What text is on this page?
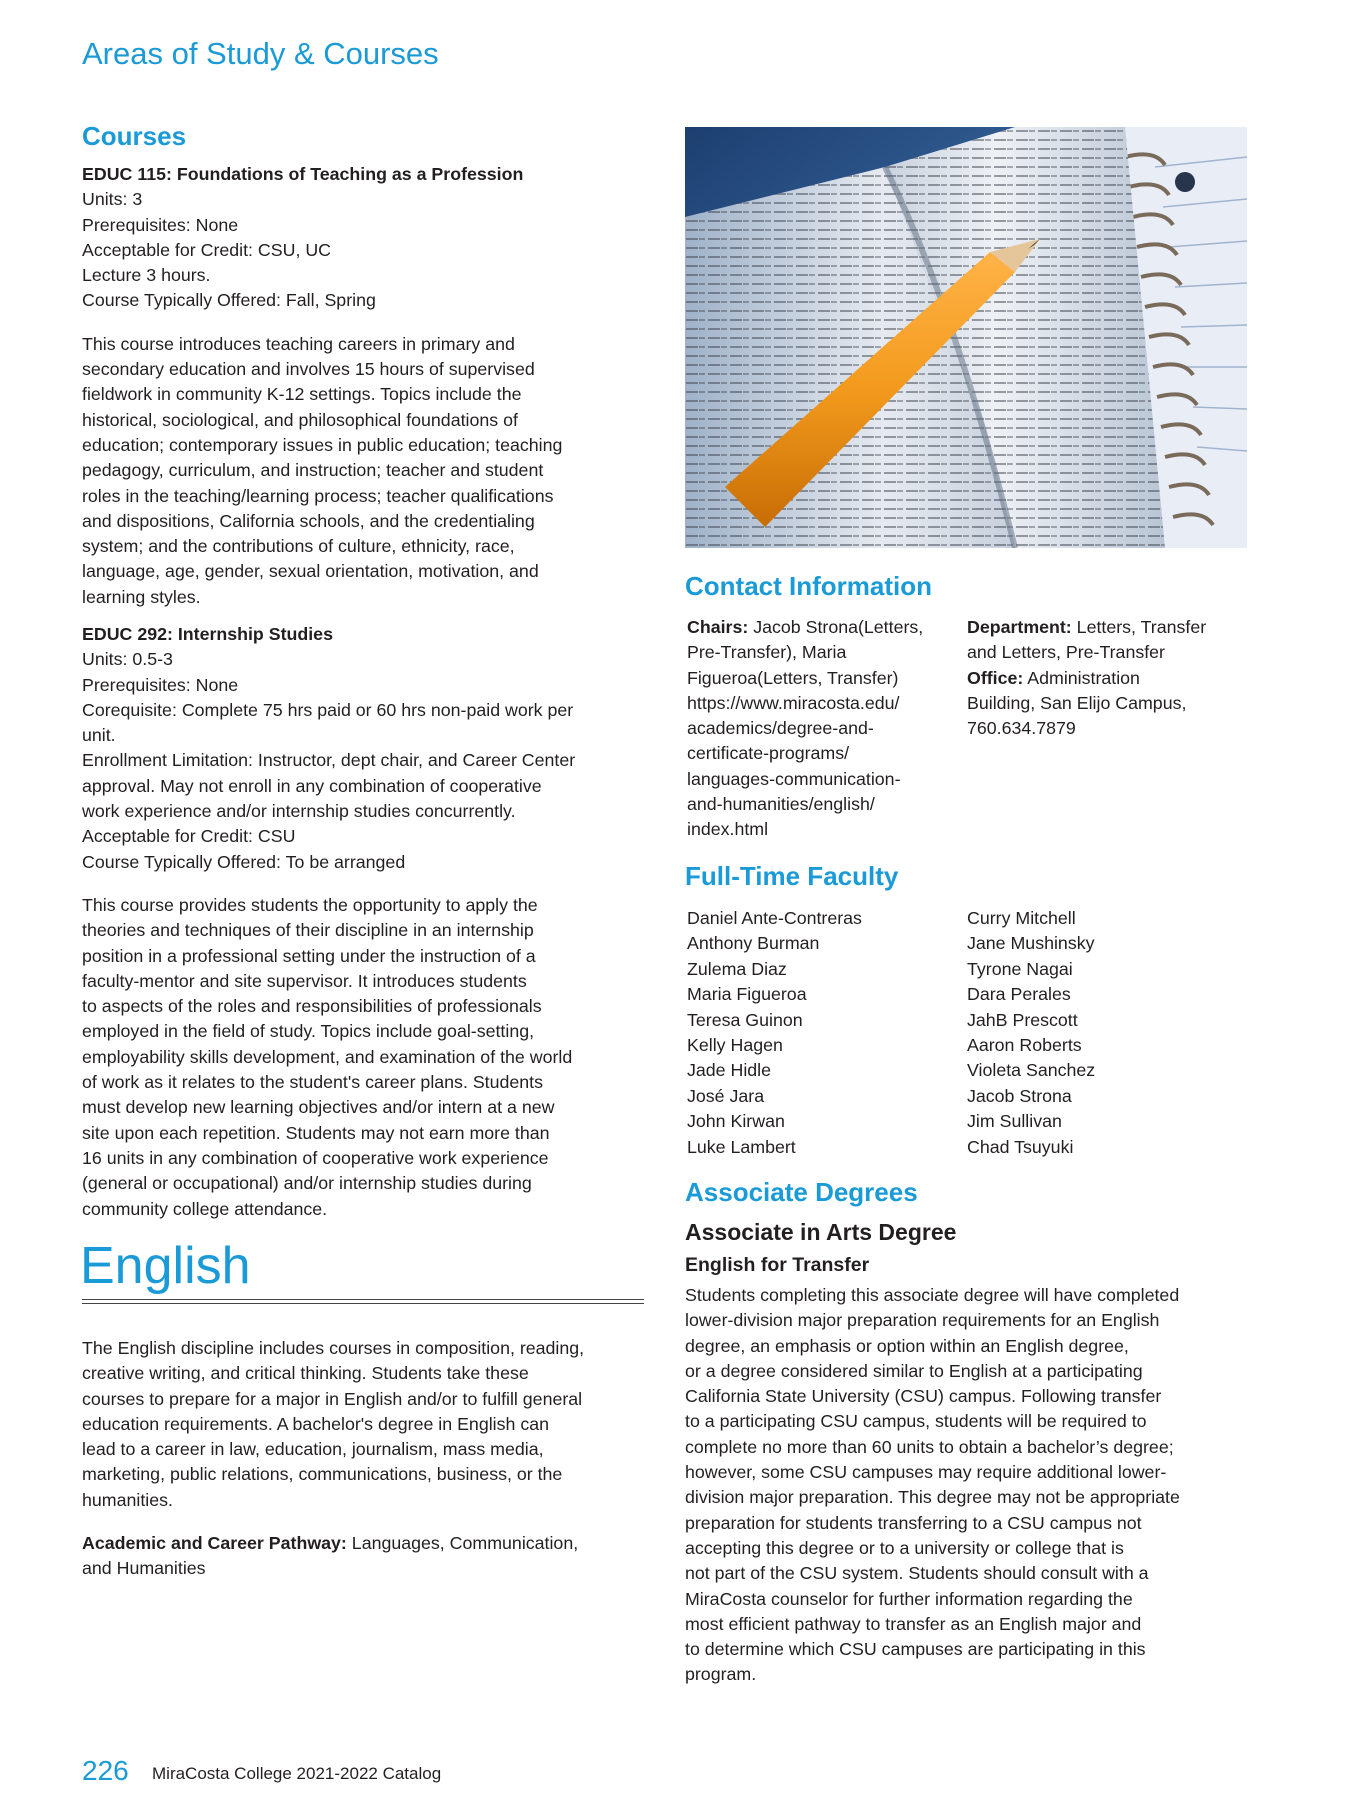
Areas of Study & Courses
Courses

EDUC 115: Foundations of Teaching as a Profession

Units: 3

Prerequisites: None

Acceptable for Credit: CSU, UC

Lecture 3 hours.

Course Typically Offered: Fall, Spring

This course introduces teaching careers in primary and

secondary education and involves 15 hours of supervised

fieldwork in community K-12 settings. Topics include the

historical, sociological, and philosophical foundations of

education; contemporary issues in public education; teaching

pedagogy, curriculum, and instruction; teacher and student

roles in the teaching/learning process; teacher qualifications

and dispositions, California schools, and the credentialing

system; and the contributions of culture, ethnicity, race,

language, age, gender, sexual orientation, motivation, and

learning styles.

EDUC 292: Internship Studies

Units: 0.5-3

Prerequisites: None

Corequisite: Complete 75 hrs paid or 60 hrs non-paid work per

unit.

Enrollment Limitation: Instructor, dept chair, and Career Center

approval. May not enroll in any combination of cooperative

work experience and/or internship studies concurrently.

Acceptable for Credit: CSU

Course Typically Offered: To be arranged

This course provides students the opportunity to apply the

theories and techniques of their discipline in an internship

position in a professional setting under the instruction of a

faculty-mentor and site supervisor. It introduces students

to aspects of the roles and responsibilities of professionals

employed in the field of study. Topics include goal-setting,

employability skills development, and examination of the world

of work as it relates to the student's career plans. Students

must develop new learning objectives and/or intern at a new

site upon each repetition. Students may not earn more than

16 units in any combination of cooperative work experience

(general or occupational) and/or internship studies during

community college attendance.

English

The English discipline includes courses in composition, reading,

creative writing, and critical thinking. Students take these

courses to prepare for a major in English and/or to fulfill general

education requirements. A bachelor's degree in English can

lead to a career in law, education, journalism, mass media,

marketing, public relations, communications, business, or the

humanities.

Academic and Career Pathway: Languages, Communication,

and Humanities

226 MiraCosta College 2021-2022 Catalog
Contact Information

Chairs: Jacob Strona(Letters,

Pre-Transfer), Maria

Figueroa(Letters, Transfer)

https://www.miracosta.edu/

academics/degree-and-

certificate-programs/

languages-communication-

and-humanities/english/

index.html

Department: Letters, Transfer

and Letters, Pre-Transfer

Office: Administration

Building, San Elijo Campus,

760.634.7879

Full-Time Faculty

Daniel Ante-Contreras

Anthony Burman

Zulema Diaz

Maria Figueroa

Teresa Guinon

Kelly Hagen

Jade Hidle

José Jara

John Kirwan

Luke Lambert

Curry Mitchell

Jane Mushinsky

Tyrone Nagai

Dara Perales

JahB Prescott

Aaron Roberts

Violeta Sanchez

Jacob Strona

Jim Sullivan

Chad Tsuyuki

Associate Degrees
Associate in Arts Degree
English for Transfer

Students completing this associate degree will have completed

lower-division major preparation requirements for an English

degree, an emphasis or option within an English degree,

or a degree considered similar to English at a participating

California State University (CSU) campus. Following transfer

to a participating CSU campus, students will be required to

complete no more than 60 units to obtain a bachelor’s degree;

however, some CSU campuses may require additional lower-

division major preparation. This degree may not be appropriate

preparation for students transferring to a CSU campus not

accepting this degree or to a university or college that is

not part of the CSU system. Students should consult with a

MiraCosta counselor for further information regarding the

most efficient pathway to transfer as an English major and

to determine which CSU campuses are participating in this

program.
